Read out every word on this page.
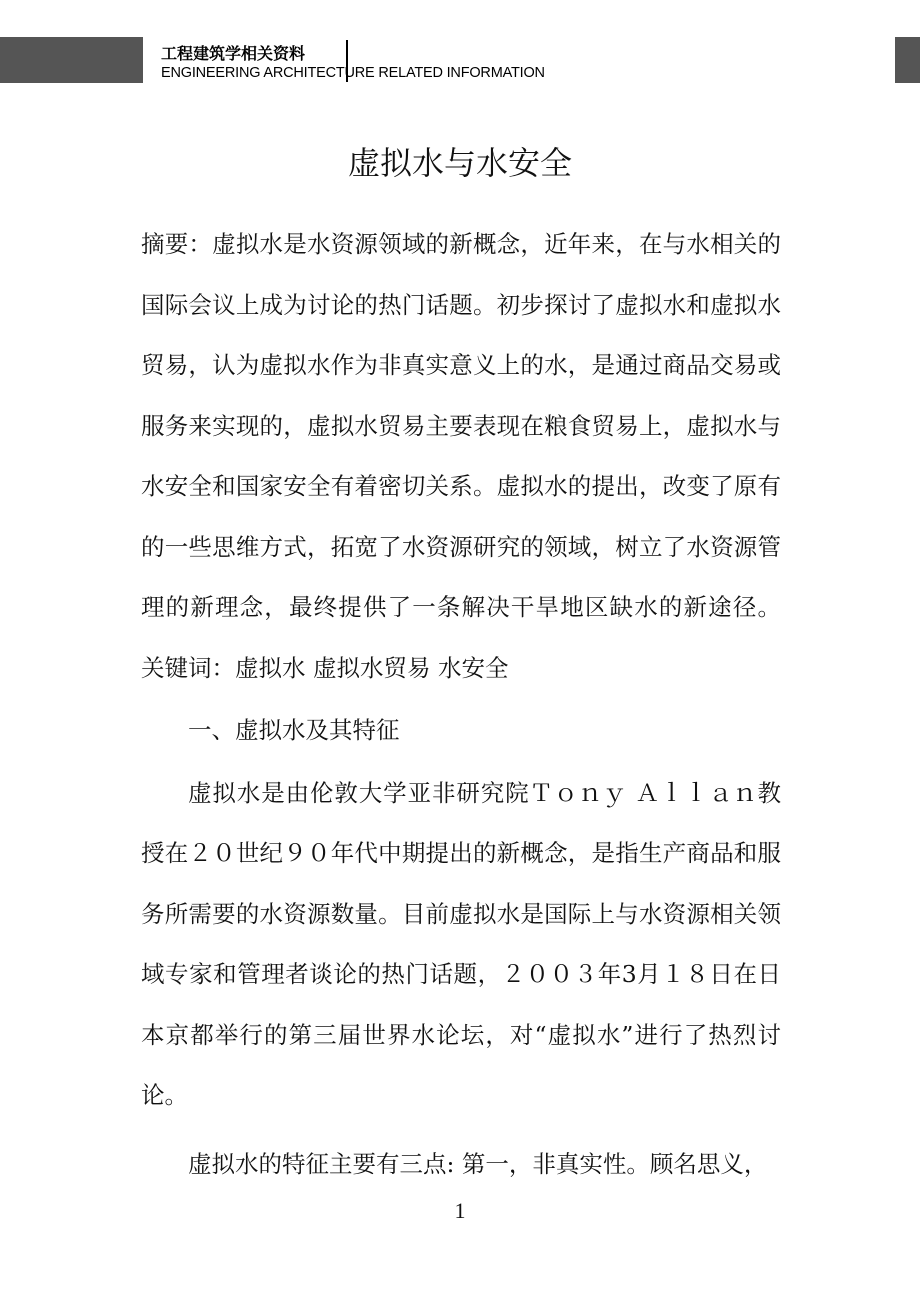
工程建筑学相关资料
ENGINEERING ARCHITECTURE RELATED INFORMATION
虚拟水与水安全

摘要：虚拟水是水资源领域的新概念，近年来，在与水相关的国际会议上成为讨论的热门话题。初步探讨了虚拟水和虚拟水贸易，认为虚拟水作为非真实意义上的水，是通过商品交易或服务来实现的，虚拟水贸易主要表现在粮食贸易上，虚拟水与水安全和国家安全有着密切关系。虚拟水的提出，改变了原有的一些思维方式，拓宽了水资源研究的领域，树立了水资源管理的新理念，最终提供了一条解决干旱地区缺水的新途径。 关键词：虚拟水 虚拟水贸易 水安全

一、虚拟水及其特征

虚拟水是由伦敦大学亚非研究院Ｔｏｎｙ Ａｌｌａｎ教授在２０世纪９０年代中期提出的新概念，是指生产商品和服务所需要的水资源数量。目前虚拟水是国际上与水资源相关领域专家和管理者谈论的热门话题，２００３年3月１８日在日本京都举行的第三届世界水论坛，对“虚拟水”进行了热烈讨论。

虚拟水的特征主要有三点: 第一，非真实性。顾名思义，

1
